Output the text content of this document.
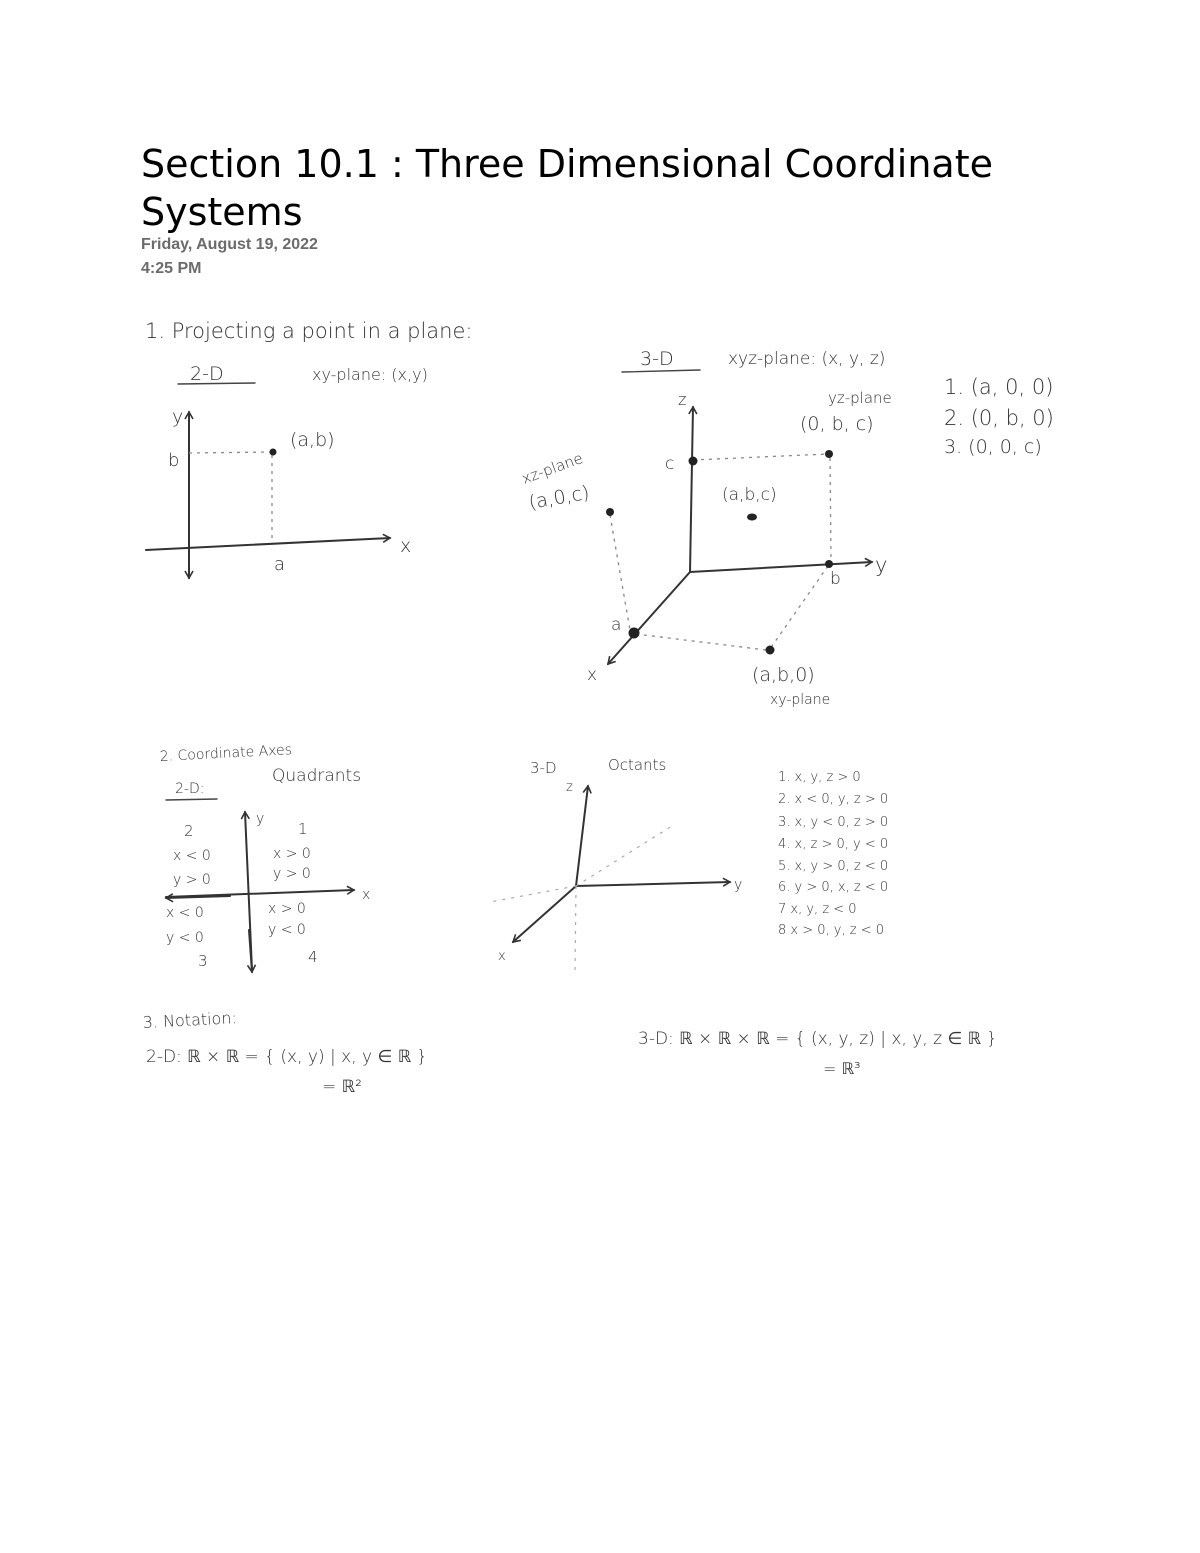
Section 10.1 : Three Dimensional Coordinate Systems
Friday, August 19, 2022
4:25 PM
1. Projecting a point in a plane:
2-D	xy-plane: (x,y)
y
x
b
a
(a,b)
3-D	xyz-plane: (x, y, z)
z
y
x
c
b
a
yz-plane
(0, b, c)
xz-plane
(a,0,c)	(a,b,c)
(a,b,0)
xy-plane
1. (a, 0, 0)
2. (0, b, 0)
3. (0, 0, c)
2. Coordinate Axes
2-D:
Quadrants
y
x
2
x < 0
y > 0
1
x > 0
y > 0
x < 0
y < 0
3
x > 0
y < 0
4
3-D	Octants
z
y
x
1. x, y, z > 0
2. x < 0, y, z > 0
3. x, y < 0, z > 0
4. x, z > 0, y < 0
5. x, y > 0, z < 0
6. y > 0, x, z < 0
7 x, y, z < 0
8 x > 0, y, z < 0
3. Notation:
2-D: ℝ × ℝ = { (x, y) | x, y ∈ ℝ }
= ℝ²
3-D: ℝ × ℝ × ℝ = { (x, y, z) | x, y, z ∈ ℝ }
= ℝ³
